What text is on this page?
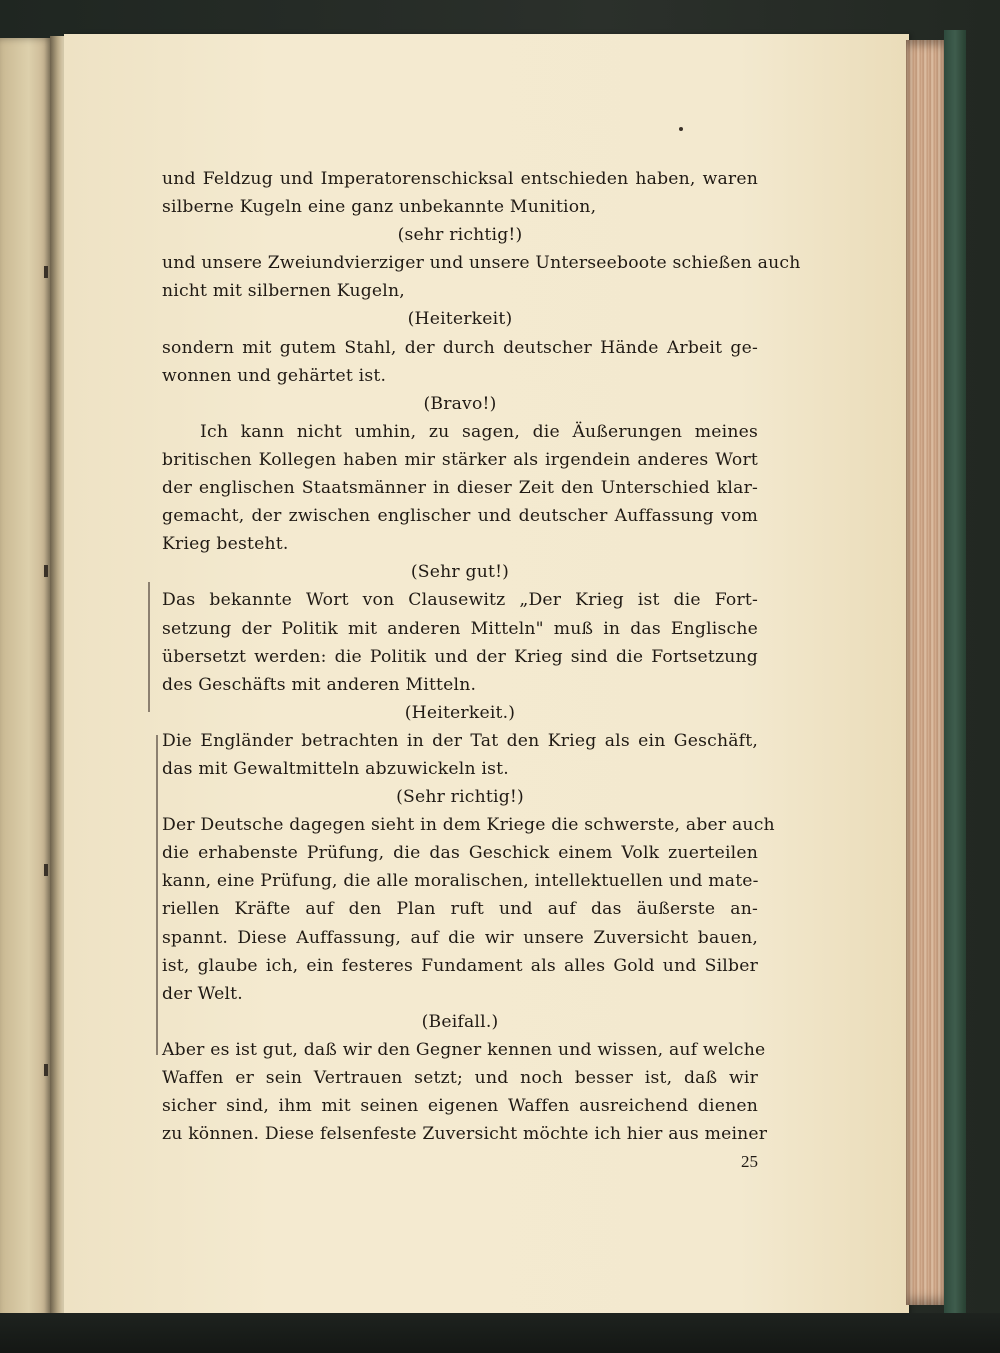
und Feldzug und Imperatorenschicksal entschieden haben, waren
silberne Kugeln eine ganz unbekannte Munition,
(sehr richtig!)
und unsere Zweiundvierziger und unsere Unterseeboote schießen auch
nicht mit silbernen Kugeln,
(Heiterkeit)
sondern mit gutem Stahl, der durch deutscher Hände Arbeit ge-
wonnen und gehärtet ist.
(Bravo!)
Ich kann nicht umhin, zu sagen, die Äußerungen meines
britischen Kollegen haben mir stärker als irgendein anderes Wort
der englischen Staatsmänner in dieser Zeit den Unterschied klar-
gemacht, der zwischen englischer und deutscher Auffassung vom
Krieg besteht.
(Sehr gut!)
Das bekannte Wort von Clausewitz „Der Krieg ist die Fort-
setzung der Politik mit anderen Mitteln" muß in das Englische
übersetzt werden: die Politik und der Krieg sind die Fortsetzung
des Geschäfts mit anderen Mitteln.
(Heiterkeit.)
Die Engländer betrachten in der Tat den Krieg als ein Geschäft,
das mit Gewaltmitteln abzuwickeln ist.
(Sehr richtig!)
Der Deutsche dagegen sieht in dem Kriege die schwerste, aber auch
die erhabenste Prüfung, die das Geschick einem Volk zuerteilen
kann, eine Prüfung, die alle moralischen, intellektuellen und mate-
riellen Kräfte auf den Plan ruft und auf das äußerste an-
spannt. Diese Auffassung, auf die wir unsere Zuversicht bauen,
ist, glaube ich, ein festeres Fundament als alles Gold und Silber
der Welt.
(Beifall.)
Aber es ist gut, daß wir den Gegner kennen und wissen, auf welche
Waffen er sein Vertrauen setzt; und noch besser ist, daß wir
sicher sind, ihm mit seinen eigenen Waffen ausreichend dienen
zu können. Diese felsenfeste Zuversicht möchte ich hier aus meiner
25
